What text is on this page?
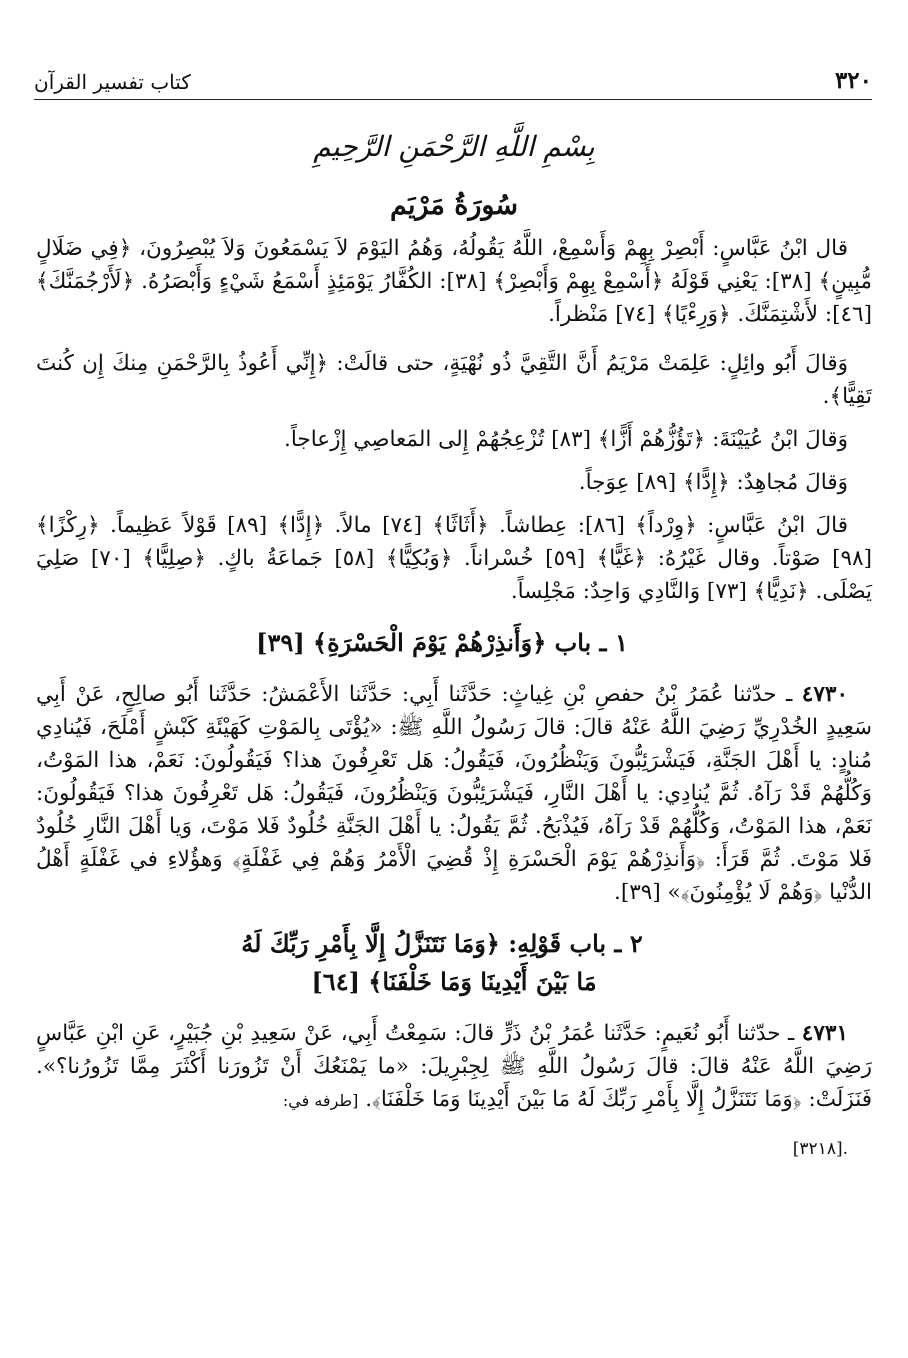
٣٢٠
كتاب تفسير القرآن
بِسْمِ اللَّهِ الرَّحْمَنِ الرَّحِيمِ
سُورَةُ مَرْيَم

قال ابْنُ عَبَّاسٍ: أَبْصِرْ بِهِمْ وَأَسْمِعْ، اللَّهُ يَقُولُهُ، وَهُمُ اليَوْمَ لاَ يَسْمَعُونَ وَلاَ يُبْصِرُونَ، ﴿فِي ضَلَالٍ مُّبِينٍ﴾ [٣٨]: يَعْنِي قَوْلَهُ ﴿أَسْمِعْ بِهِمْ وَأَبْصِرْ﴾ [٣٨]: الكُفَّارُ يَوْمَئِذٍ أَسْمَعُ شَيْءٍ وَأَبْصَرُهُ. ﴿لَأَرْجُمَنَّكَ﴾ [٤٦]: لأَشْتِمَنَّكَ. ﴿وَرِءْيًا﴾ [٧٤] مَنْظراً.

وَقالَ أَبُو وائِلٍ: عَلِمَتْ مَرْيَمُ أَنَّ التَّقِيَّ ذُو نُهْيَةٍ، حتى قالَتْ: ﴿إِنِّي أَعُوذُ بِالرَّحْمَنِ مِنكَ إِن كُنتَ تَقِيًّا﴾.

وَقالَ ابْنُ عُيَيْنَةَ: ﴿تَؤُزُّهُمْ أَزًّا﴾ [٨٣] تُزْعِجُهُمْ إِلى المَعاصِي إِزْعاجاً.

وَقالَ مُجاهِدٌ: ﴿إِدًّا﴾ [٨٩] عِوَجاً.

قالَ ابْنُ عَبَّاسٍ: ﴿وِرْداً﴾ [٨٦]: عِطاشاً. ﴿أَثَاثًا﴾ [٧٤] مالاً. ﴿إِدًّا﴾ [٨٩] قَوْلاً عَظِيماً. ﴿رِكْزًا﴾ [٩٨] صَوْتاً. وقال غَيْرُهُ: ﴿غَيًّا﴾ [٥٩] خُسْراناً. ﴿وَبُكِيًّا﴾ [٥٨] جَماعَةُ باكٍ. ﴿صِلِيًّا﴾ [٧٠] صَلِيَ يَصْلَى. ﴿نَدِيًّا﴾ [٧٣] وَالنَّادِي وَاحِدٌ: مَجْلِساً.

١ ـ باب ﴿وَأَنذِرْهُمْ يَوْمَ الْحَسْرَةِ﴾ [٣٩]

٤٧٣٠ ـ حدّثنا عُمَرُ بْنُ حفصِ بْنِ غِياثٍ: حَدَّثَنا أَبِي: حَدَّثَنا الأَعْمَشُ: حَدَّثَنا أَبُو صالِحٍ، عَنْ أَبِي سَعِيدٍ الخُدْرِيِّ رَضِيَ اللَّهُ عَنْهُ قالَ: قالَ رَسُولُ اللَّهِ ﷺ: «يُؤْتَى بِالمَوْتِ كَهَيْئَةِ كَبْشٍ أَمْلَحَ، فَيُنادِي مُنادٍ: يا أَهْلَ الجَنَّةِ، فَيَشْرَئِبُّونَ وَيَنْظُرُونَ، فَيَقُولُ: هَل تَعْرِفُونَ هذا؟ فَيَقُولُونَ: نَعَمْ، هذا المَوْتُ، وَكُلُّهُمْ قَدْ رَآهُ. ثُمَّ يُنادِي: يا أَهْلَ النَّارِ، فَيَشْرَئِبُّونَ وَيَنْظُرُونَ، فَيَقُولُ: هَل تَعْرِفُونَ هذا؟ فَيَقُولُونَ: نَعَمْ، هذا المَوْتُ، وَكُلُّهُمْ قَدْ رَآهُ، فَيُذْبَحُ. ثُمَّ يَقُولُ: يا أَهْلَ الجَنَّةِ خُلُودٌ فَلا مَوْتَ، وَيا أَهْلَ النَّارِ خُلُودٌ فَلا مَوْتَ. ثُمَّ قَرَأَ: ﴿وَأَنذِرْهُمْ يَوْمَ الْحَسْرَةِ إِذْ قُضِيَ الْأَمْرُ وَهُمْ فِي غَفْلَةٍ﴾ وَهؤُلاءِ في غَفْلَةٍ أَهْلُ الدُّنْيا ﴿وَهُمْ لَا يُؤْمِنُونَ﴾» [٣٩].

٢ ـ باب قَوْلِهِ: ﴿وَمَا نَتَنَزَّلُ إِلَّا بِأَمْرِ رَبِّكَ لَهُ
مَا بَيْنَ أَيْدِينَا وَمَا خَلْفَنَا﴾ [٦٤]

٤٧٣١ ـ حدّثنا أَبُو نُعَيمٍ: حَدَّثَنا عُمَرُ بْنُ ذَرٍّ قالَ: سَمِعْتُ أَبِي، عَنْ سَعِيدِ بْنِ جُبَيْرٍ، عَنِ ابْنِ عَبَّاسٍ رَضِيَ اللَّهُ عَنْهُ قالَ: قالَ رَسُولُ اللَّهِ ﷺ لِجِبْرِيلَ: «ما يَمْنَعُكَ أَنْ تَزُورَنا أَكْثَرَ مِمَّا تَزُورُنا؟». فَنَزَلَتْ: ﴿وَمَا نَتَنَزَّلُ إِلَّا بِأَمْرِ رَبِّكَ لَهُ مَا بَيْنَ أَيْدِينَا وَمَا خَلْفَنَا﴾. [طرفه في:

.[٣٢١٨]
